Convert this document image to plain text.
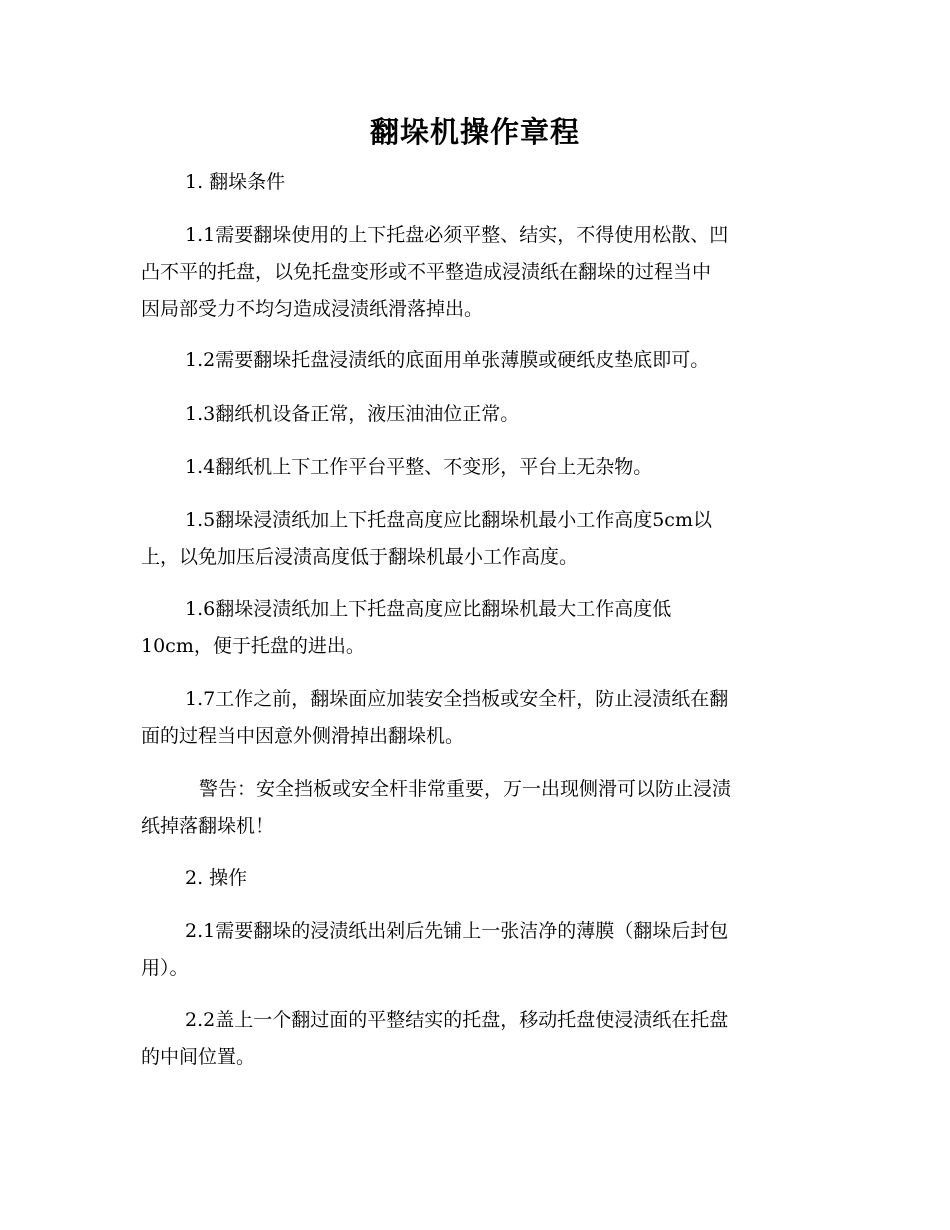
翻垛机操作章程

1. 翻垛条件

1.1需要翻垛使用的上下托盘必须平整、结实，不得使用松散、凹
凸不平的托盘，以免托盘变形或不平整造成浸渍纸在翻垛的过程当中
因局部受力不均匀造成浸渍纸滑落掉出。

1.2需要翻垛托盘浸渍纸的底面用单张薄膜或硬纸皮垫底即可。

1.3翻纸机设备正常，液压油油位正常。

1.4翻纸机上下工作平台平整、不变形，平台上无杂物。

1.5翻垛浸渍纸加上下托盘高度应比翻垛机最小工作高度5cm以
上，以免加压后浸渍高度低于翻垛机最小工作高度。

1.6翻垛浸渍纸加上下托盘高度应比翻垛机最大工作高度低
10cm，便于托盘的进出。

1.7工作之前，翻垛面应加装安全挡板或安全杆，防止浸渍纸在翻
面的过程当中因意外侧滑掉出翻垛机。

警告：安全挡板或安全杆非常重要，万一出现侧滑可以防止浸渍
纸掉落翻垛机！

2. 操作

2.1需要翻垛的浸渍纸出剁后先铺上一张洁净的薄膜（翻垛后封包
用）。

2.2盖上一个翻过面的平整结实的托盘，移动托盘使浸渍纸在托盘
的中间位置。
